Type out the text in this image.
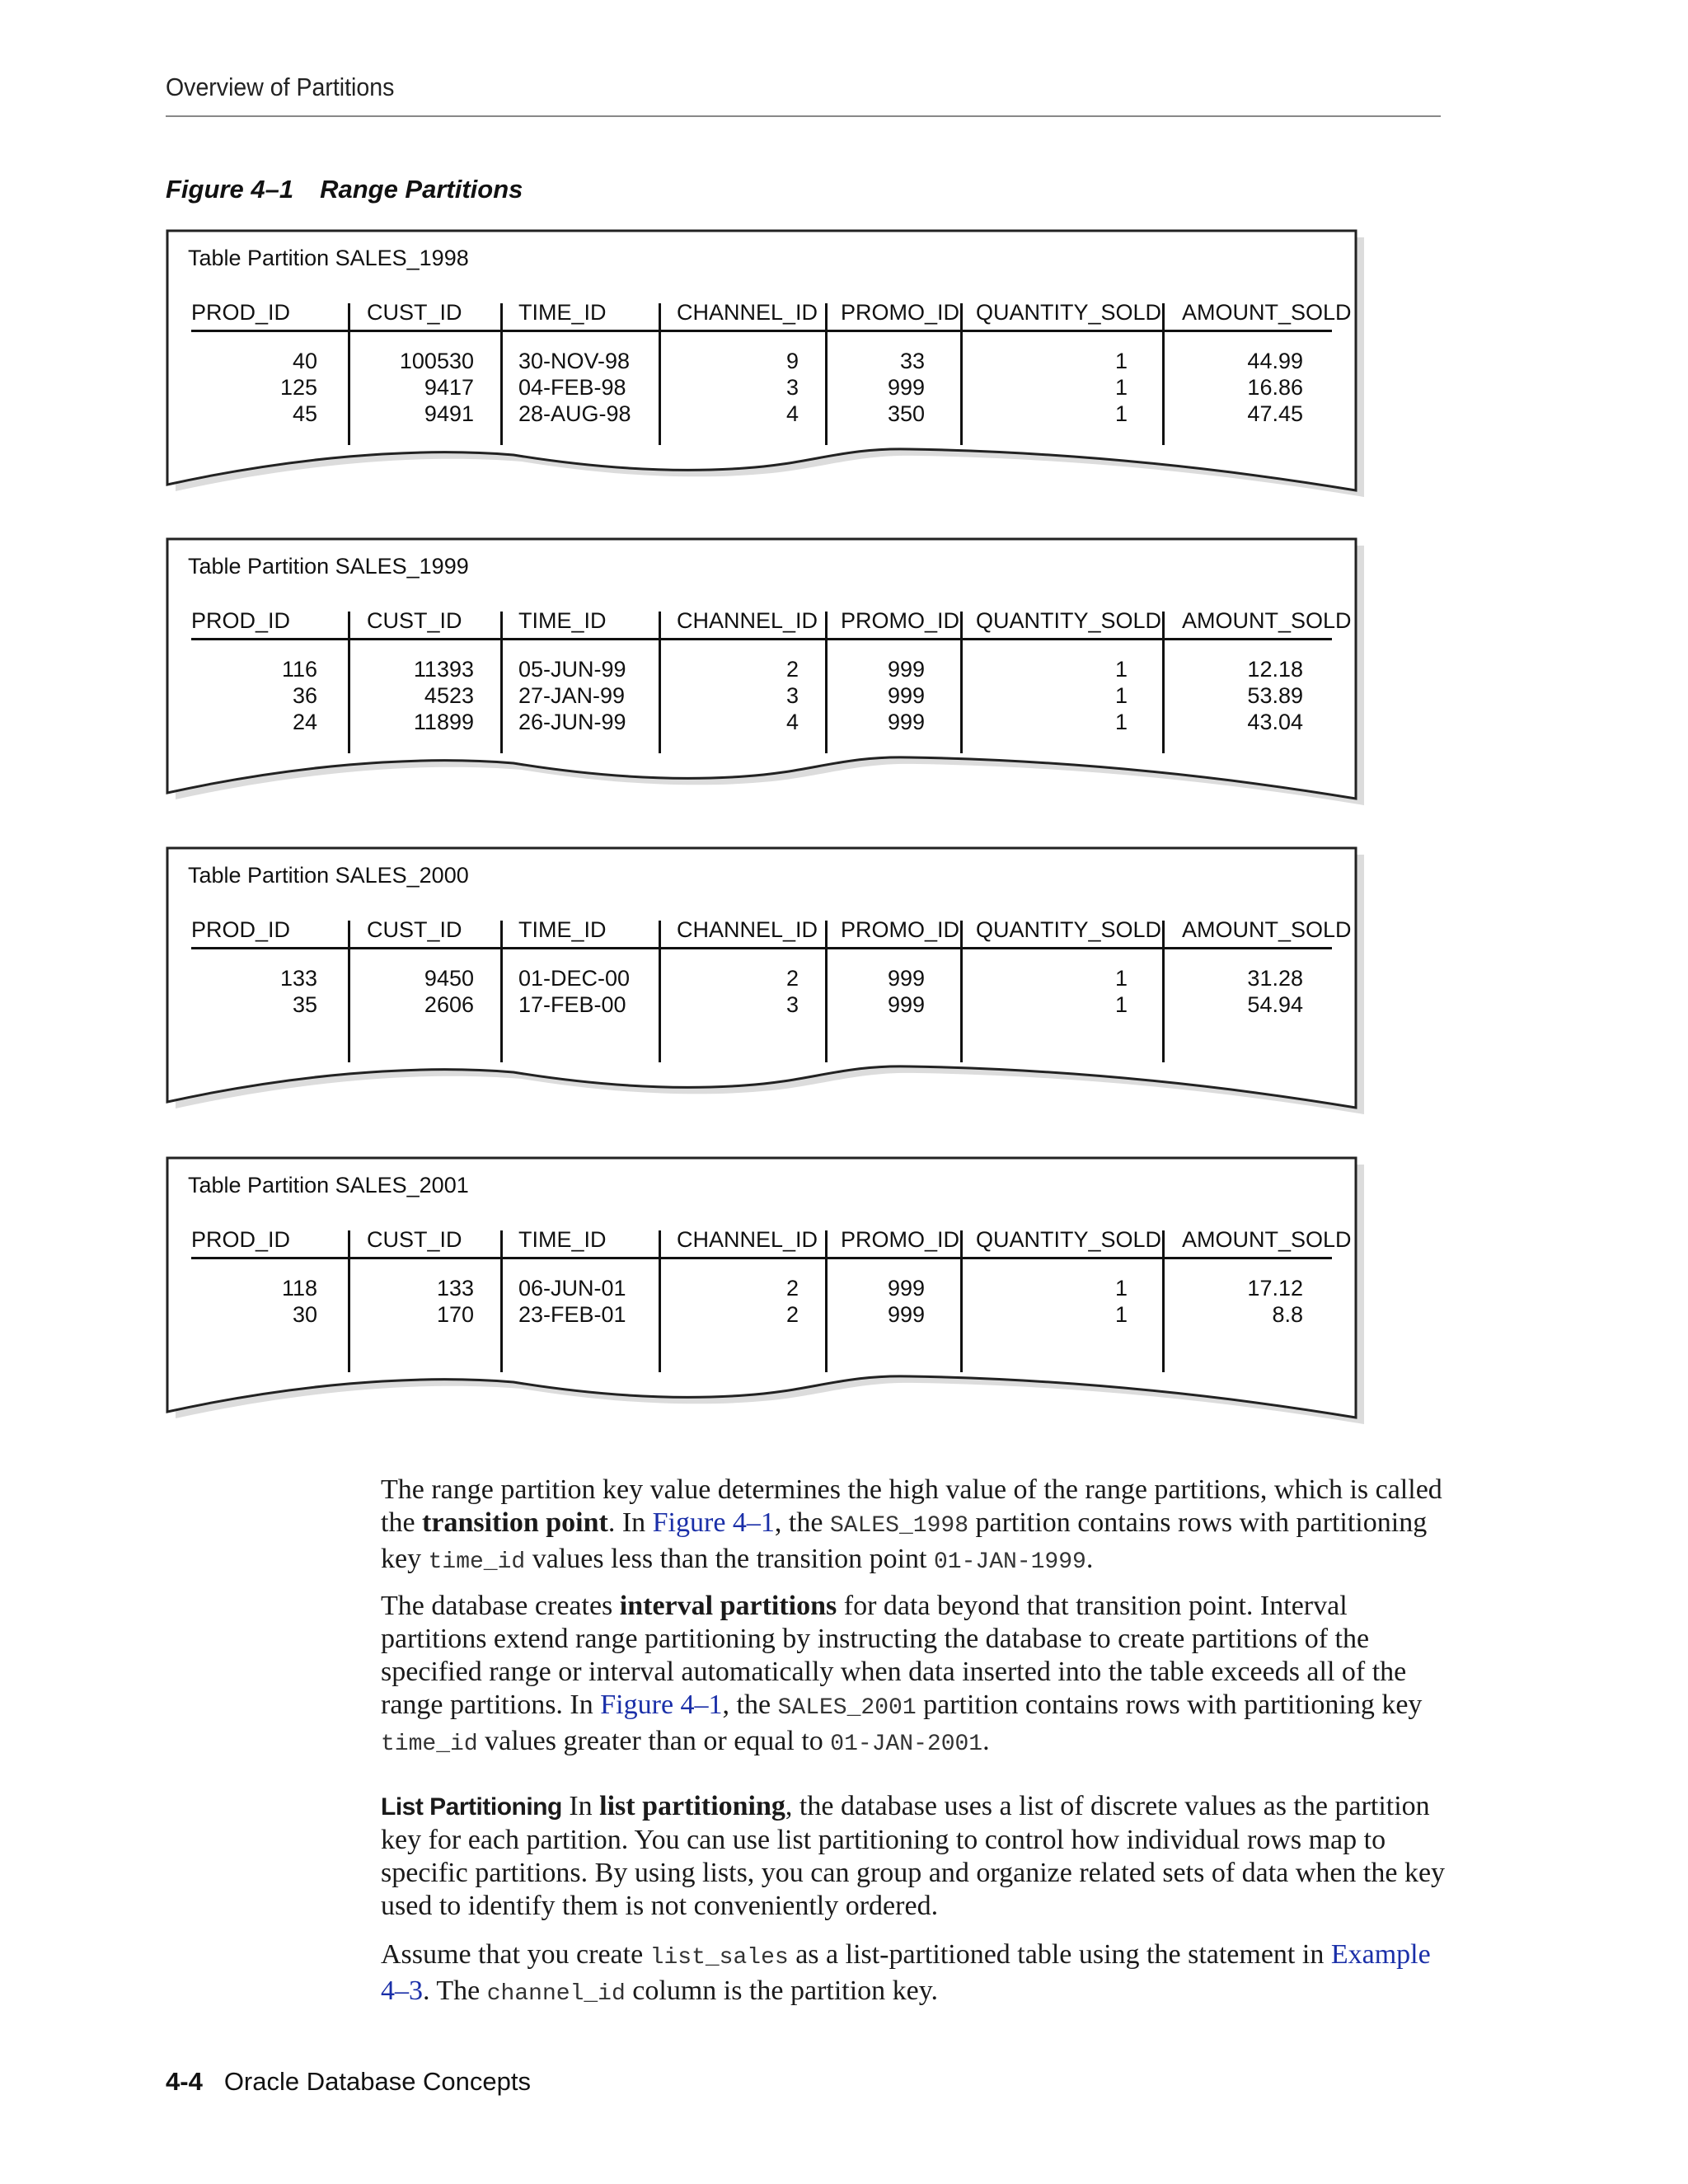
Overview of Partitions
Figure 4–1 Range Partitions
Table Partition SALES_1998
PROD_ID	CUST_ID	TIME_ID	CHANNEL_ID PROMO_ID QUANTITY_SOLD AMOUNT_SOLD
40	100530 30-NOV-98	9	33	1	44.99
125	9417 04-FEB-98	3	999	1	16.86
45	9491 28-AUG-98	4	350	1	47.45
Table Partition SALES_1999
PROD_ID	CUST_ID	TIME_ID	CHANNEL_ID PROMO_ID QUANTITY_SOLD AMOUNT_SOLD
116	11393 05-JUN-99	2	999	1	12.18
36	4523 27-JAN-99	3	999	1	53.89
24	11899 26-JUN-99	4	999	1	43.04
Table Partition SALES_2000
PROD_ID	CUST_ID	TIME_ID	CHANNEL_ID PROMO_ID QUANTITY_SOLD AMOUNT_SOLD
133	9450 01-DEC-00	2	999	1	31.28
35	2606 17-FEB-00	3	999	1	54.94
Table Partition SALES_2001
PROD_ID	CUST_ID	TIME_ID	CHANNEL_ID PROMO_ID QUANTITY_SOLD AMOUNT_SOLD
118	133 06-JUN-01	2	999	1	17.12
30	170 23-FEB-01	2	999	1	8.8

The range partition key value determines the high value of the range partitions, which is called the transition point. In Figure 4–1, the SALES_1998 partition contains rows with partitioning key time_id values less than the transition point 01-JAN-1999.

The database creates interval partitions for data beyond that transition point. Interval partitions extend range partitioning by instructing the database to create partitions of the specified range or interval automatically when data inserted into the table exceeds all of the range partitions. In Figure 4–1, the SALES_2001 partition contains rows with partitioning key time_id values greater than or equal to 01-JAN-2001.

List Partitioning In list partitioning, the database uses a list of discrete values as the partition key for each partition. You can use list partitioning to control how individual rows map to specific partitions. By using lists, you can group and organize related sets of data when the key used to identify them is not conveniently ordered.

Assume that you create list_sales as a list-partitioned table using the statement in Example 4–3. The channel_id column is the partition key.

4-4 Oracle Database Concepts
